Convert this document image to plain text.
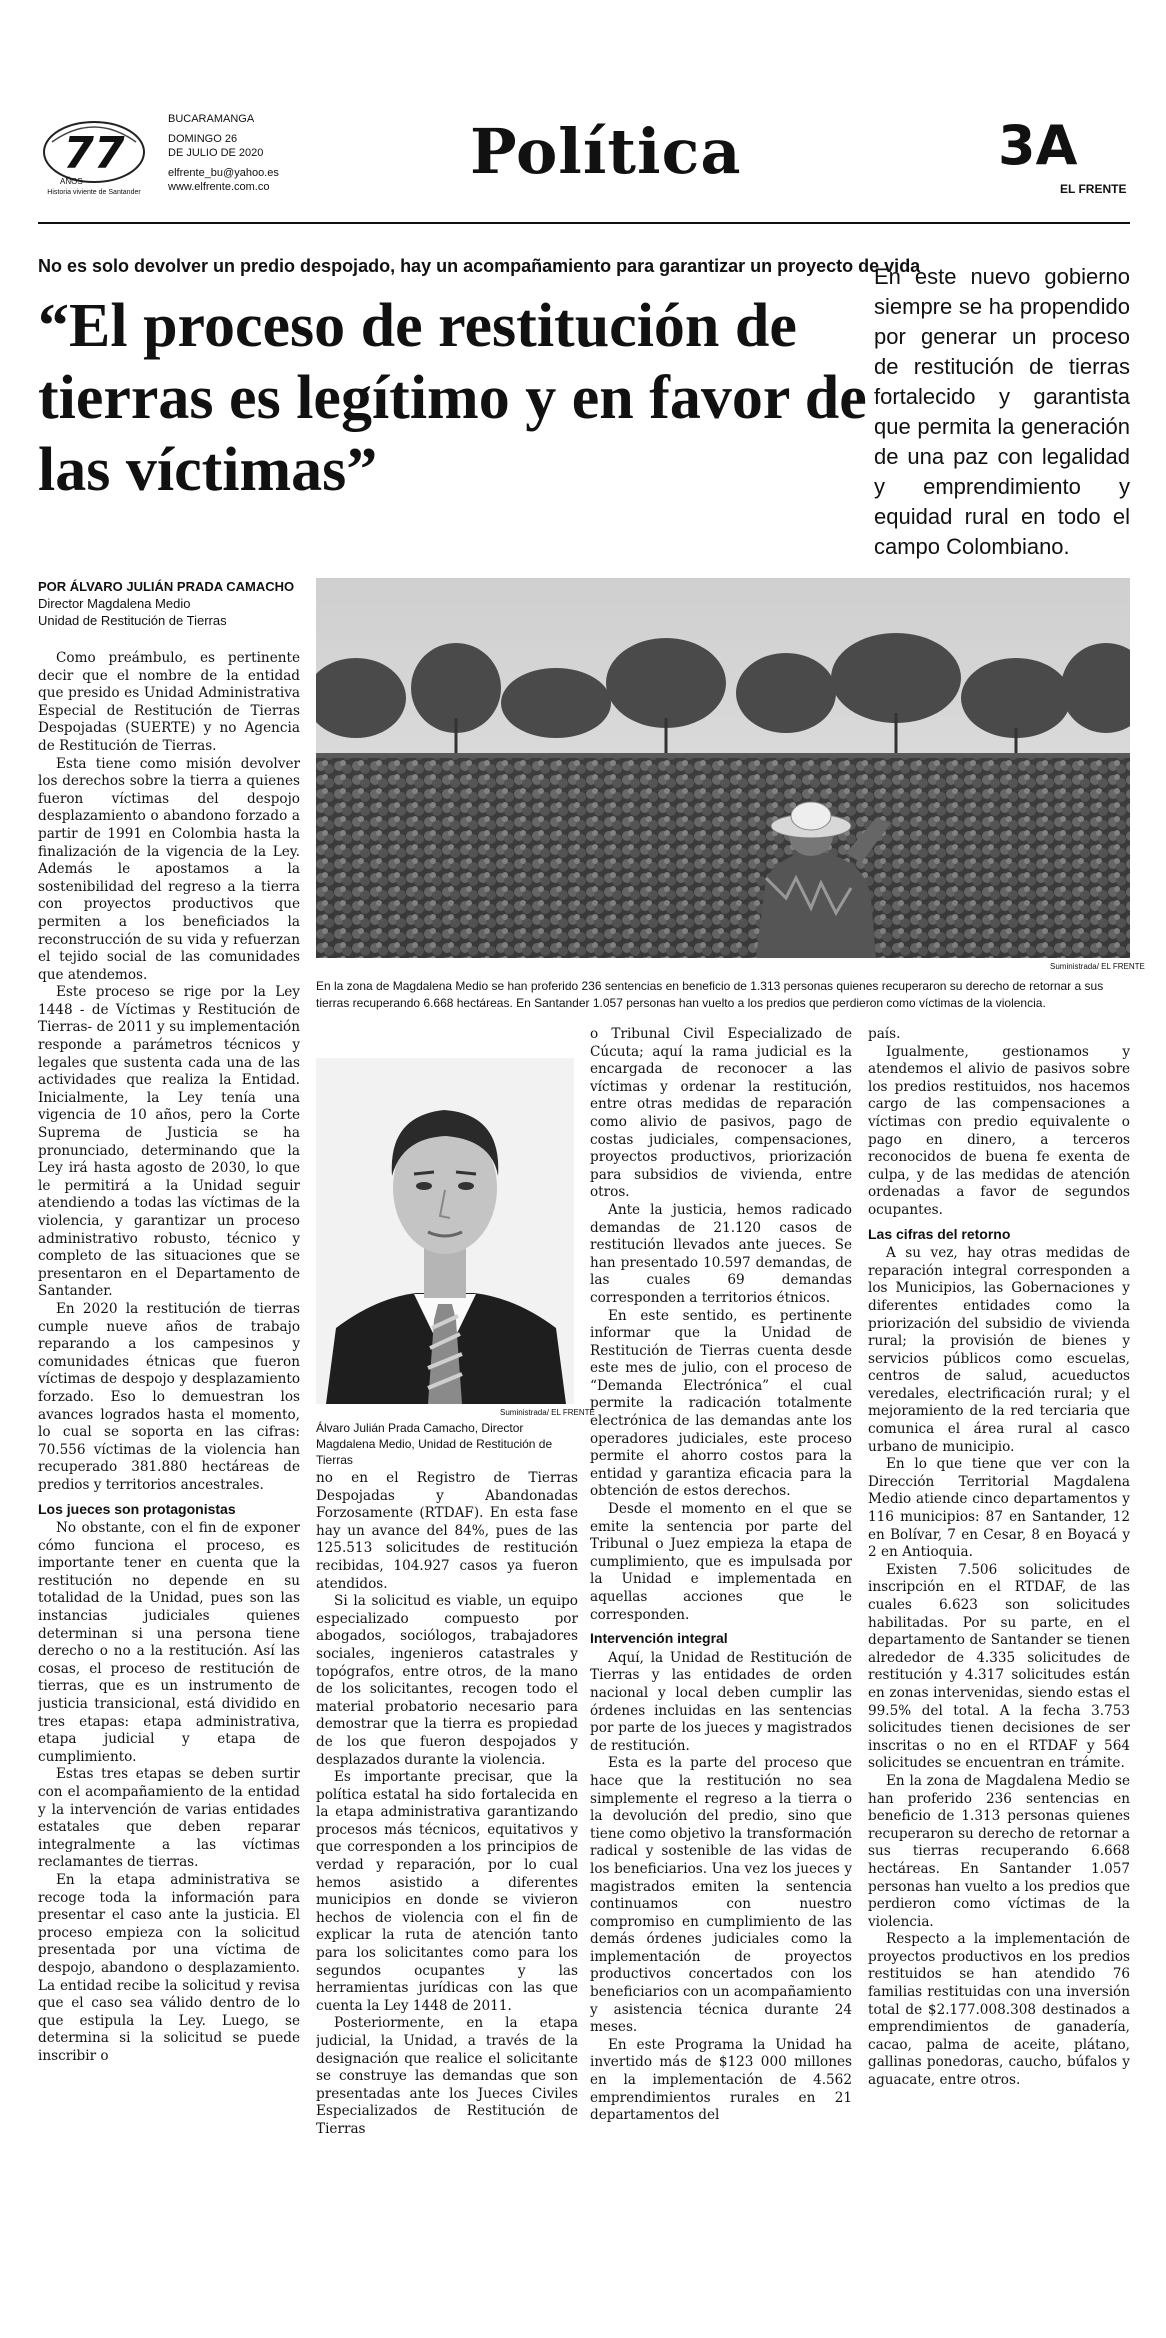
77
AÑOS
Historia viviente de Santander
BUCARAMANGA
DOMINGO 26
DE JULIO DE 2020
elfrente_bu@yahoo.es
www.elfrente.com.co	Política	3A
EL FRENTE
No es solo devolver un predio despojado, hay un acompañamiento para garantizar un proyecto de vida
“El proceso de restitución de tierras es legítimo y en favor de las víctimas”
En este nuevo gobierno siempre se ha propendido por generar un proceso de restitución de tierras fortalecido y garantista que permita la generación de una paz con legalidad y emprendimiento y equidad rural en todo el campo Colombiano.
POR ÁLVARO JULIÁN PRADA CAMACHO
Director Magdalena Medio
Unidad de Restitución de Tierras
Suministrada/ EL FRENTE
En la zona de Magdalena Medio se han proferido 236 sentencias en beneficio de 1.313 personas quienes recuperaron su derecho de retornar a sus tierras recuperando 6.668 hectáreas. En Santander 1.057 personas han vuelto a los predios que perdieron como víctimas de la violencia.
Suministrada/ EL FRENTE
Álvaro Julián Prada Camacho, Director Magdalena Medio, Unidad de Restitución de Tierras

Como preámbulo, es pertinente decir que el nombre de la entidad que presido es Unidad Administrativa Especial de Restitución de Tierras Despojadas (SUERTE) y no Agencia de Restitución de Tierras.

Esta tiene como misión devolver los derechos sobre la tierra a quienes fueron víctimas del despojo desplazamiento o abandono forzado a partir de 1991 en Colombia hasta la finalización de la vigencia de la Ley. Además le apostamos a la sostenibilidad del regreso a la tierra con proyectos productivos que permiten a los beneficiados la reconstrucción de su vida y refuerzan el tejido social de las comunidades que atendemos.

Este proceso se rige por la Ley 1448 - de Víctimas y Restitución de Tierras- de 2011 y su implementación responde a parámetros técnicos y legales que sustenta cada una de las actividades que realiza la Entidad. Inicialmente, la Ley tenía una vigencia de 10 años, pero la Corte Suprema de Justicia se ha pronunciado, determinando que la Ley irá hasta agosto de 2030, lo que le permitirá a la Unidad seguir atendiendo a todas las víctimas de la violencia, y garantizar un proceso administrativo robusto, técnico y completo de las situaciones que se presentaron en el Departamento de Santander.

En 2020 la restitución de tierras cumple nueve años de trabajo reparando a los campesinos y comunidades étnicas que fueron víctimas de despojo y desplazamiento forzado. Eso lo demuestran los avances logrados hasta el momento, lo cual se soporta en las cifras: 70.556 víctimas de la violencia han recuperado 381.880 hectáreas de predios y territorios ancestrales.

Los jueces son protagonistas

No obstante, con el fin de exponer cómo funciona el proceso, es importante tener en cuenta que la restitución no depende en su totalidad de la Unidad, pues son las instancias judiciales quienes determinan si una persona tiene derecho o no a la restitución. Así las cosas, el proceso de restitución de tierras, que es un instrumento de justicia transicional, está dividido en tres etapas: etapa administrativa, etapa judicial y etapa de cumplimiento.

Estas tres etapas se deben surtir con el acompañamiento de la entidad y la intervención de varias entidades estatales que deben reparar integralmente a las víctimas reclamantes de tierras.

En la etapa administrativa se recoge toda la información para presentar el caso ante la justicia. El proceso empieza con la solicitud presentada por una víctima de despojo, abandono o desplazamiento. La entidad recibe la solicitud y revisa que el caso sea válido dentro de lo que estipula la Ley. Luego, se determina si la solicitud se puede inscribir o

no en el Registro de Tierras Despojadas y Abandonadas Forzosamente (RTDAF). En esta fase hay un avance del 84%, pues de las 125.513 solicitudes de restitución recibidas, 104.927 casos ya fueron atendidos.

Si la solicitud es viable, un equipo especializado compuesto por abogados, sociólogos, trabajadores sociales, ingenieros catastrales y topógrafos, entre otros, de la mano de los solicitantes, recogen todo el material probatorio necesario para demostrar que la tierra es propiedad de los que fueron despojados y desplazados durante la violencia.

Es importante precisar, que la política estatal ha sido fortalecida en la etapa administrativa garantizando procesos más técnicos, equitativos y que corresponden a los principios de verdad y reparación, por lo cual hemos asistido a diferentes municipios en donde se vivieron hechos de violencia con el fin de explicar la ruta de atención tanto para los solicitantes como para los segundos ocupantes y las herramientas jurídicas con las que cuenta la Ley 1448 de 2011.

Posteriormente, en la etapa judicial, la Unidad, a través de la designación que realice el solicitante se construye las demandas que son presentadas ante los Jueces Civiles Especializados de Restitución de Tierras

o Tribunal Civil Especializado de Cúcuta; aquí la rama judicial es la encargada de reconocer a las víctimas y ordenar la restitución, entre otras medidas de reparación como alivio de pasivos, pago de costas judiciales, compensaciones, proyectos productivos, priorización para subsidios de vivienda, entre otros.

Ante la justicia, hemos radicado demandas de 21.120 casos de restitución llevados ante jueces. Se han presentado 10.597 demandas, de las cuales 69 demandas corresponden a territorios étnicos.

En este sentido, es pertinente informar que la Unidad de Restitución de Tierras cuenta desde este mes de julio, con el proceso de “Demanda Electrónica” el cual permite la radicación totalmente electrónica de las demandas ante los operadores judiciales, este proceso permite el ahorro costos para la entidad y garantiza eficacia para la obtención de estos derechos.

Desde el momento en el que se emite la sentencia por parte del Tribunal o Juez empieza la etapa de cumplimiento, que es impulsada por la Unidad e implementada en aquellas acciones que le corresponden.

Intervención integral

Aquí, la Unidad de Restitución de Tierras y las entidades de orden nacional y local deben cumplir las órdenes incluidas en las sentencias por parte de los jueces y magistrados de restitución.

Esta es la parte del proceso que hace que la restitución no sea simplemente el regreso a la tierra o la devolución del predio, sino que tiene como objetivo la transformación radical y sostenible de las vidas de los beneficiarios. Una vez los jueces y magistrados emiten la sentencia continuamos con nuestro compromiso en cumplimiento de las demás órdenes judiciales como la implementación de proyectos productivos concertados con los beneficiarios con un acompañamiento y asistencia técnica durante 24 meses.

En este Programa la Unidad ha invertido más de $123 000 millones en la implementación de 4.562 emprendimientos rurales en 21 departamentos del

país.

Igualmente, gestionamos y atendemos el alivio de pasivos sobre los predios restituidos, nos hacemos cargo de las compensaciones a víctimas con predio equivalente o pago en dinero, a terceros reconocidos de buena fe exenta de culpa, y de las medidas de atención ordenadas a favor de segundos ocupantes.

Las cifras del retorno

A su vez, hay otras medidas de reparación integral corresponden a los Municipios, las Gobernaciones y diferentes entidades como la priorización del subsidio de vivienda rural; la provisión de bienes y servicios públicos como escuelas, centros de salud, acueductos veredales, electrificación rural; y el mejoramiento de la red terciaria que comunica el área rural al casco urbano de municipio.

En lo que tiene que ver con la Dirección Territorial Magdalena Medio atiende cinco departamentos y 116 municipios: 87 en Santander, 12 en Bolívar, 7 en Cesar, 8 en Boyacá y 2 en Antioquia.

Existen 7.506 solicitudes de inscripción en el RTDAF, de las cuales 6.623 son solicitudes habilitadas. Por su parte, en el departamento de Santander se tienen alrededor de 4.335 solicitudes de restitución y 4.317 solicitudes están en zonas intervenidas, siendo estas el 99.5% del total. A la fecha 3.753 solicitudes tienen decisiones de ser inscritas o no en el RTDAF y 564 solicitudes se encuentran en trámite.

En la zona de Magdalena Medio se han proferido 236 sentencias en beneficio de 1.313 personas quienes recuperaron su derecho de retornar a sus tierras recuperando 6.668 hectáreas. En Santander 1.057 personas han vuelto a los predios que perdieron como víctimas de la violencia.

Respecto a la implementación de proyectos productivos en los predios restituidos se han atendido 76 familias restituidas con una inversión total de $2.177.008.308 destinados a emprendimientos de ganadería, cacao, palma de aceite, plátano, gallinas ponedoras, caucho, búfalos y aguacate, entre otros.
